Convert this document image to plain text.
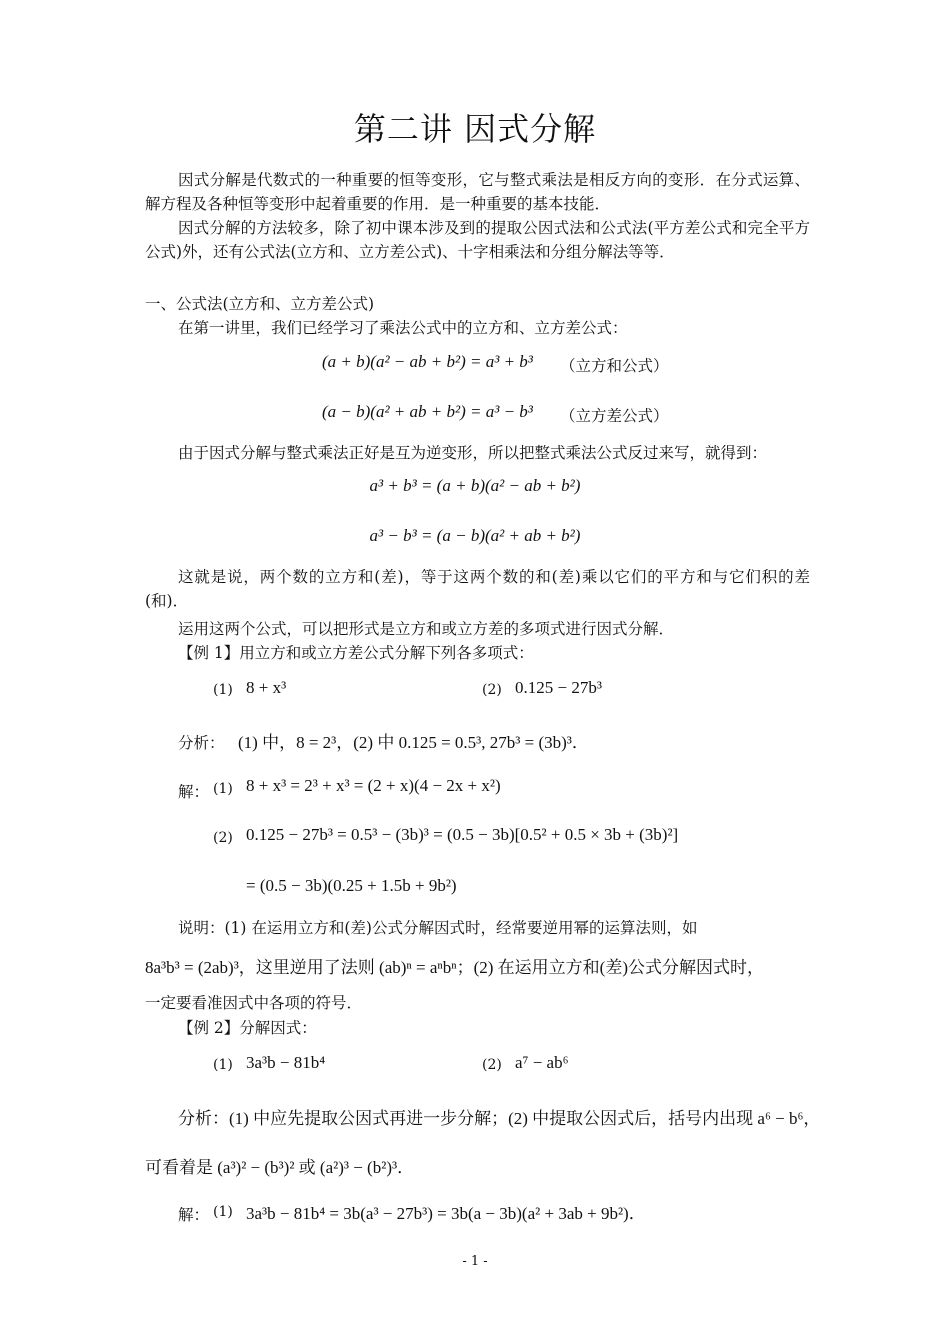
第二讲 因式分解
因式分解是代数式的一种重要的恒等变形，它与整式乘法是相反方向的变形．在分式运算、解方程及各种恒等变形中起着重要的作用．是一种重要的基本技能．
因式分解的方法较多，除了初中课本涉及到的提取公因式法和公式法(平方差公式和完全平方公式)外，还有公式法(立方和、立方差公式)、十字相乘法和分组分解法等等．
一、公式法(立方和、立方差公式)
在第一讲里，我们已经学习了乘法公式中的立方和、立方差公式：
(a + b)(a² − ab + b²) = a³ + b³ （立方和公式）
(a − b)(a² + ab + b²) = a³ − b³ （立方差公式）
由于因式分解与整式乘法正好是互为逆变形，所以把整式乘法公式反过来写，就得到：
a³ + b³ = (a + b)(a² − ab + b²)
a³ − b³ = (a − b)(a² + ab + b²)
这就是说，两个数的立方和(差)，等于这两个数的和(差)乘以它们的平方和与它们积的差(和)．
运用这两个公式，可以把形式是立方和或立方差的多项式进行因式分解．
【例 1】用立方和或立方差公式分解下列各多项式：
(1) 8 + x³	(2) 0.125 − 27b³
分析： (1) 中，8 = 2³，(2) 中 0.125 = 0.5³, 27b³ = (3b)³．
解： (1) 8 + x³ = 2³ + x³ = (2 + x)(4 − 2x + x²)
(2) 0.125 − 27b³ = 0.5³ − (3b)³ = (0.5 − 3b)[0.5² + 0.5 × 3b + (3b)²]
= (0.5 − 3b)(0.25 + 1.5b + 9b²)
说明：(1) 在运用立方和(差)公式分解因式时，经常要逆用幂的运算法则，如
8a³b³ = (2ab)³，这里逆用了法则 (ab)ⁿ = aⁿbⁿ；(2) 在运用立方和(差)公式分解因式时，
一定要看准因式中各项的符号．
【例 2】分解因式：
(1) 3a³b − 81b⁴	(2) a⁷ − ab⁶
分析：(1) 中应先提取公因式再进一步分解；(2) 中提取公因式后，括号内出现 a⁶ − b⁶，
可看着是 (a³)² − (b³)² 或 (a²)³ − (b²)³．
解： (1) 3a³b − 81b⁴ = 3b(a³ − 27b³) = 3b(a − 3b)(a² + 3ab + 9b²)．
- 1 -
